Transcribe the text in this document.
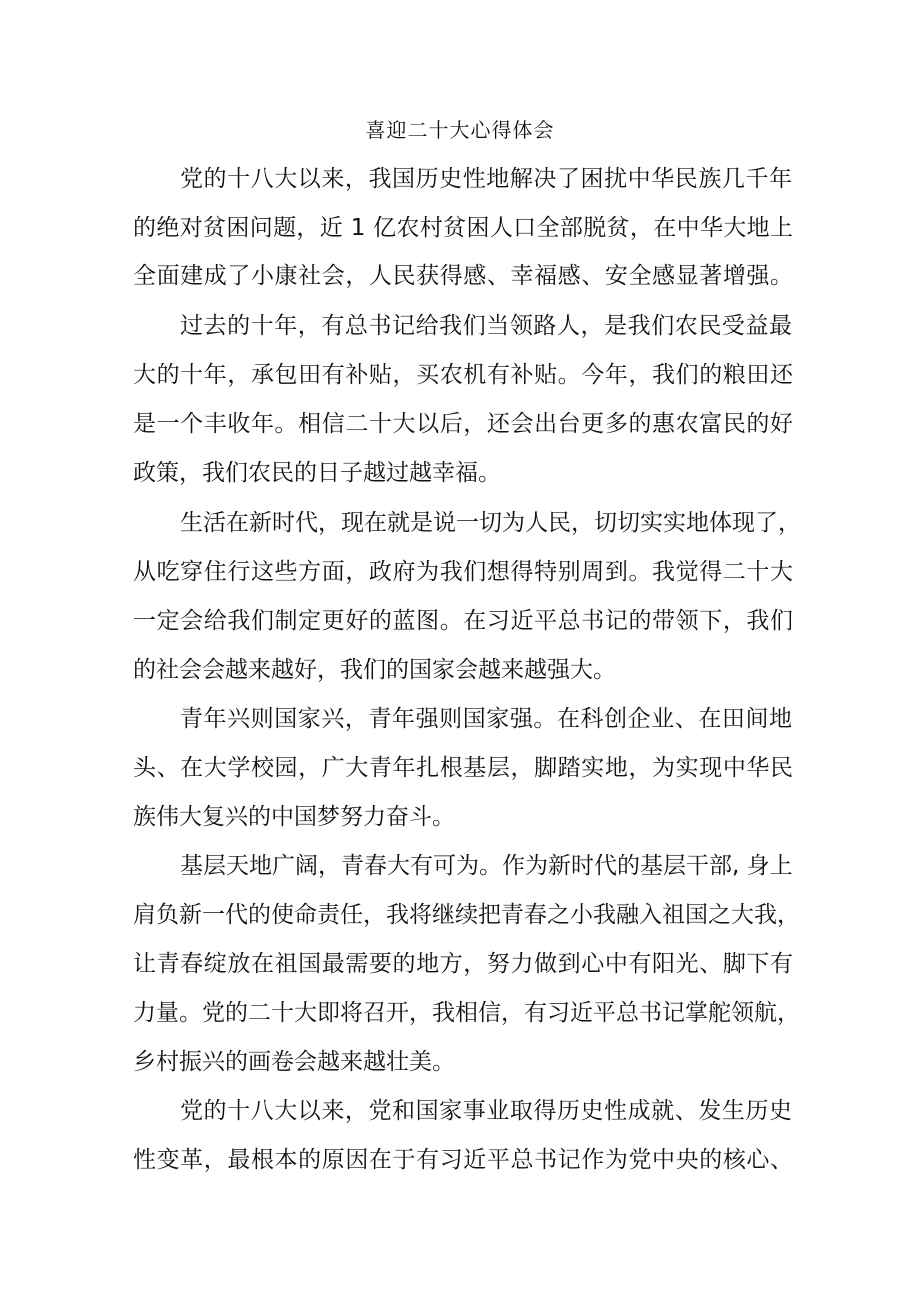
喜迎二十大心得体会
党的十八大以来，我国历史性地解决了困扰中华民族几千年
的绝对贫困问题，近 1 亿农村贫困人口全部脱贫，在中华大地上
全面建成了小康社会，人民获得感、幸福感、安全感显著增强。
过去的十年，有总书记给我们当领路人，是我们农民受益最
大的十年，承包田有补贴，买农机有补贴。今年，我们的粮田还
是一个丰收年。相信二十大以后，还会出台更多的惠农富民的好
政策，我们农民的日子越过越幸福。
生活在新时代，现在就是说一切为人民，切切实实地体现了，
从吃穿住行这些方面，政府为我们想得特别周到。我觉得二十大
一定会给我们制定更好的蓝图。在习近平总书记的带领下，我们
的社会会越来越好，我们的国家会越来越强大。
青年兴则国家兴，青年强则国家强。在科创企业、在田间地
头、在大学校园，广大青年扎根基层，脚踏实地，为实现中华民
族伟大复兴的中国梦努力奋斗。
基层天地广阔，青春大有可为。作为新时代的基层干部, 身上
肩负新一代的使命责任，我将继续把青春之小我融入祖国之大我，
让青春绽放在祖国最需要的地方，努力做到心中有阳光、脚下有
力量。党的二十大即将召开，我相信，有习近平总书记掌舵领航，
乡村振兴的画卷会越来越壮美。
党的十八大以来，党和国家事业取得历史性成就、发生历史
性变革，最根本的原因在于有习近平总书记作为党中央的核心、
